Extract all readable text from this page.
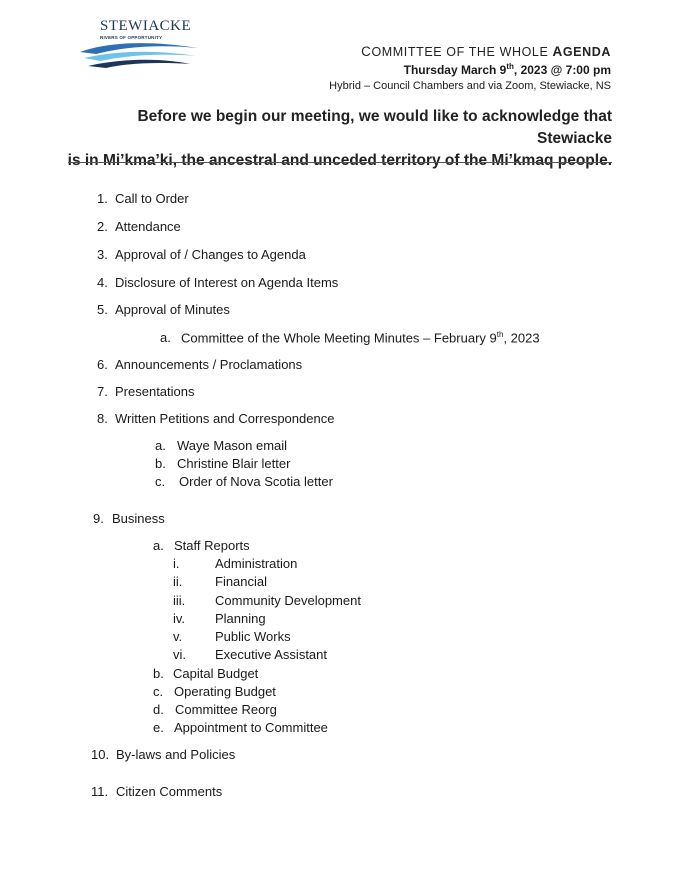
STEWIACKE
RIVERS OF OPPORTUNITY
COMMITTEE OF THE WHOLE AGENDA
Thursday March 9th, 2023 @ 7:00 pm
Hybrid – Council Chambers and via Zoom, Stewiacke, NS
Before we begin our meeting, we would like to acknowledge that Stewiacke
is in Mi’kma’ki, the ancestral and unceded territory of the Mi’kmaq people.
1. Call to Order
2. Attendance
3. Approval of / Changes to Agenda
4. Disclosure of Interest on Agenda Items
5. Approval of Minutes
a. Committee of the Whole Meeting Minutes – February 9th, 2023
6. Announcements / Proclamations
7. Presentations
8. Written Petitions and Correspondence
a. Waye Mason email
b. Christine Blair letter
c. Order of Nova Scotia letter
9. Business
a. Staff Reports
i.	Administration
ii.	Financial
iii. Community Development
iv. Planning
v.	Public Works
vi. Executive Assistant
b. Capital Budget
c. Operating Budget
d. Committee Reorg
e. Appointment to Committee
10. By-laws and Policies
11. Citizen Comments
